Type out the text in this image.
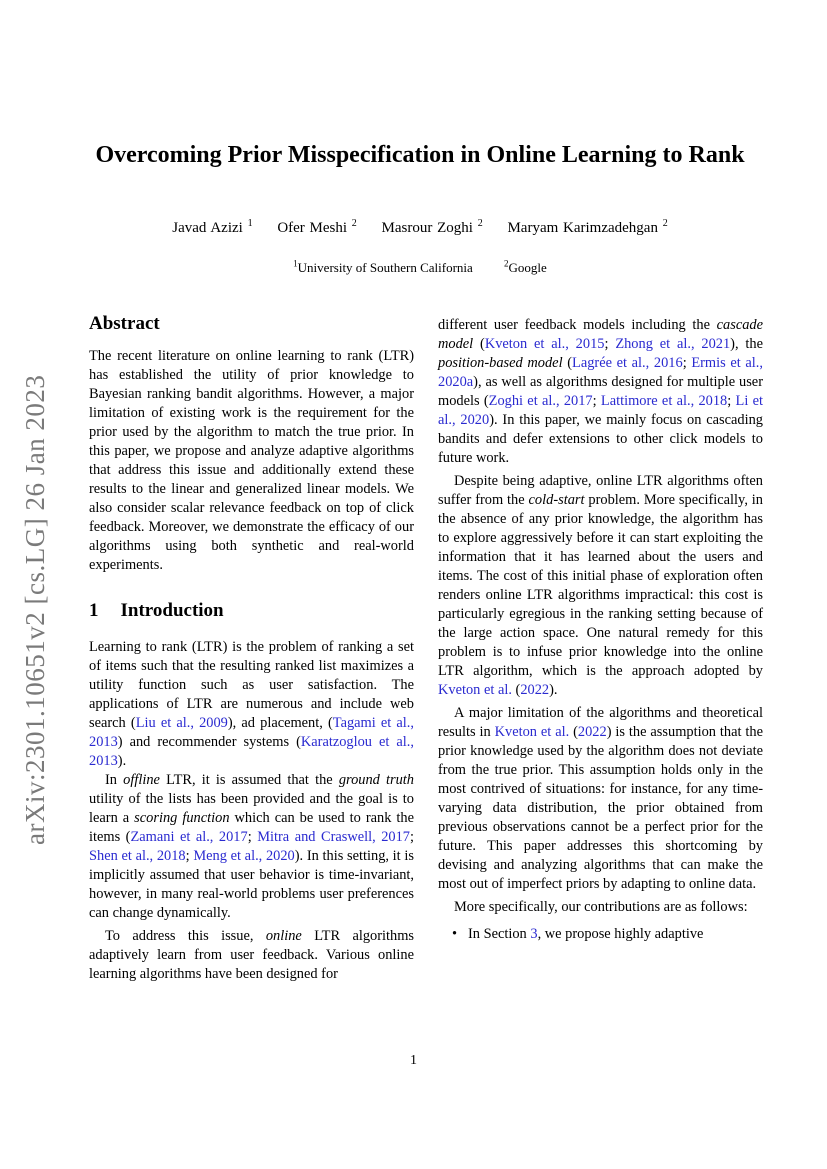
arXiv:2301.10651v2 [cs.LG] 26 Jan 2023
Overcoming Prior Misspecification in Online Learning to Rank
Javad Azizi $^1$ Ofer Meshi $^2$ Masrour Zoghi $^2$ Maryam Karimzadehgan $^2$
$^1$University of Southern California	$^2$Google
Abstract

The recent literature on online learning to rank (LTR) has established the utility of prior knowledge to Bayesian ranking bandit algorithms. However, a major limitation of existing work is the requirement for the prior used by the algorithm to match the true prior. In this paper, we propose and analyze adaptive algorithms that address this issue and additionally extend these results to the linear and generalized linear models. We also consider scalar relevance feedback on top of click feedback. Moreover, we demonstrate the efficacy of our algorithms using both synthetic and real-world experiments.

1 Introduction

Learning to rank (LTR) is the problem of ranking a set of items such that the resulting ranked list maximizes a utility function such as user satisfaction. The applications of LTR are numerous and include web search (Liu et al., 2009), ad placement, (Tagami et al., 2013) and recommender systems (Karatzoglou et al., 2013).

In offline LTR, it is assumed that the ground truth utility of the lists has been provided and the goal is to learn a scoring function which can be used to rank the items (Zamani et al., 2017; Mitra and Craswell, 2017; Shen et al., 2018; Meng et al., 2020). In this setting, it is implicitly assumed that user behavior is time-invariant, however, in many real-world problems user preferences can change dynamically.

To address this issue, online LTR algorithms adaptively learn from user feedback. Various online learning algorithms have been designed for

different user feedback models including the cascade model (Kveton et al., 2015; Zhong et al., 2021), the position-based model (Lagrée et al., 2016; Ermis et al., 2020a), as well as algorithms designed for multiple user models (Zoghi et al., 2017; Lattimore et al., 2018; Li et al., 2020). In this paper, we mainly focus on cascading bandits and defer extensions to other click models to future work.

Despite being adaptive, online LTR algorithms often suffer from the cold-start problem. More specifically, in the absence of any prior knowledge, the algorithm has to explore aggressively before it can start exploiting the information that it has learned about the users and items. The cost of this initial phase of exploration often renders online LTR algorithms impractical: this cost is particularly egregious in the ranking setting because of the large action space. One natural remedy for this problem is to infuse prior knowledge into the online LTR algorithm, which is the approach adopted by Kveton et al. (2022).

A major limitation of the algorithms and theoretical results in Kveton et al. (2022) is the assumption that the prior knowledge used by the algorithm does not deviate from the true prior. This assumption holds only in the most contrived of situations: for instance, for any time-varying data distribution, the prior obtained from previous observations cannot be a perfect prior for the future. This paper addresses this shortcoming by devising and analyzing algorithms that can make the most out of imperfect priors by adapting to online data.

More specifically, our contributions are as follows:

• In Section 3, we propose highly adaptive
1
